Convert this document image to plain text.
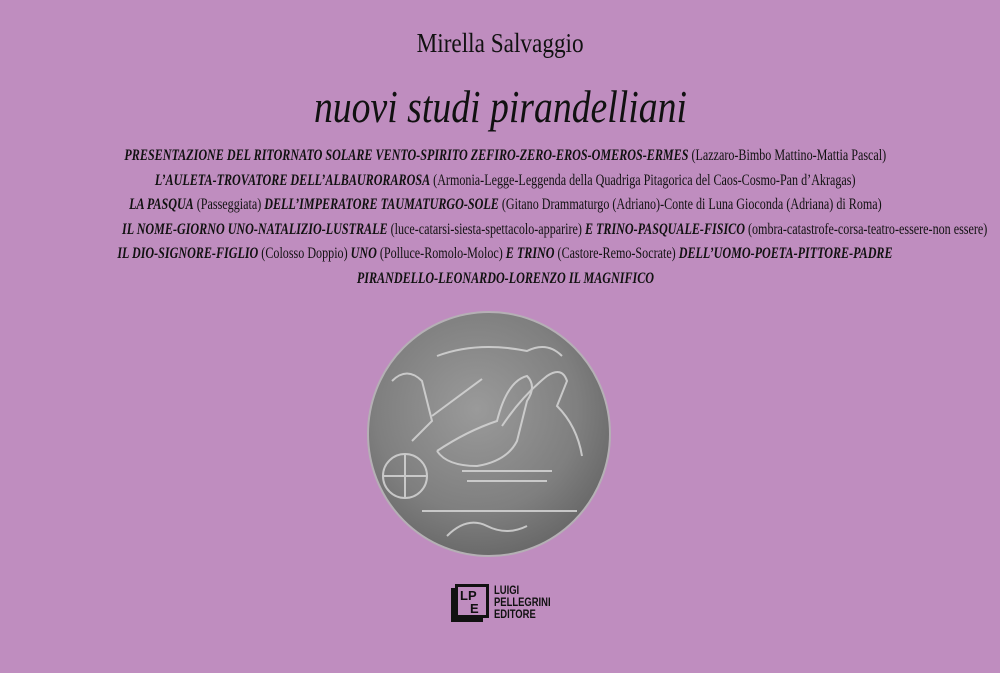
Mirella Salvaggio
nuovi studi pirandelliani
PRESENTAZIONE DEL RITORNATO SOLARE VENTO-SPIRITO ZEFIRO-ZERO-EROS-OMEROS-ERMES (Lazzaro-Bimbo Mattino-Mattia Pascal)
L’AULETA-TROVATORE DELL’ALBAURORAROSA (Armonia-Legge-Leggenda della Quadriga Pitagorica del Caos-Cosmo-Pan d’Akragas)
LA PASQUA (Passeggiata) DELL’IMPERATORE TAUMATURGO-SOLE (Gitano Drammaturgo (Adriano)-Conte di Luna Gioconda (Adriana) di Roma)
IL NOME-GIORNO UNO-NATALIZIO-LUSTRALE (luce-catarsi-siesta-spettacolo-apparire) E TRINO-PASQUALE-FISICO (ombra-catastrofe-corsa-teatro-essere-non essere)
IL DIO-SIGNORE-FIGLIO (Colosso Doppio) UNO (Polluce-Romolo-Moloc) E TRINO (Castore-Remo-Socrate) DELL’UOMO-POETA-PITTORE-PADRE
PIRANDELLO-LEONARDO-LORENZO IL MAGNIFICO
LP
E
LUIGI
PELLEGRINI
EDITORE
